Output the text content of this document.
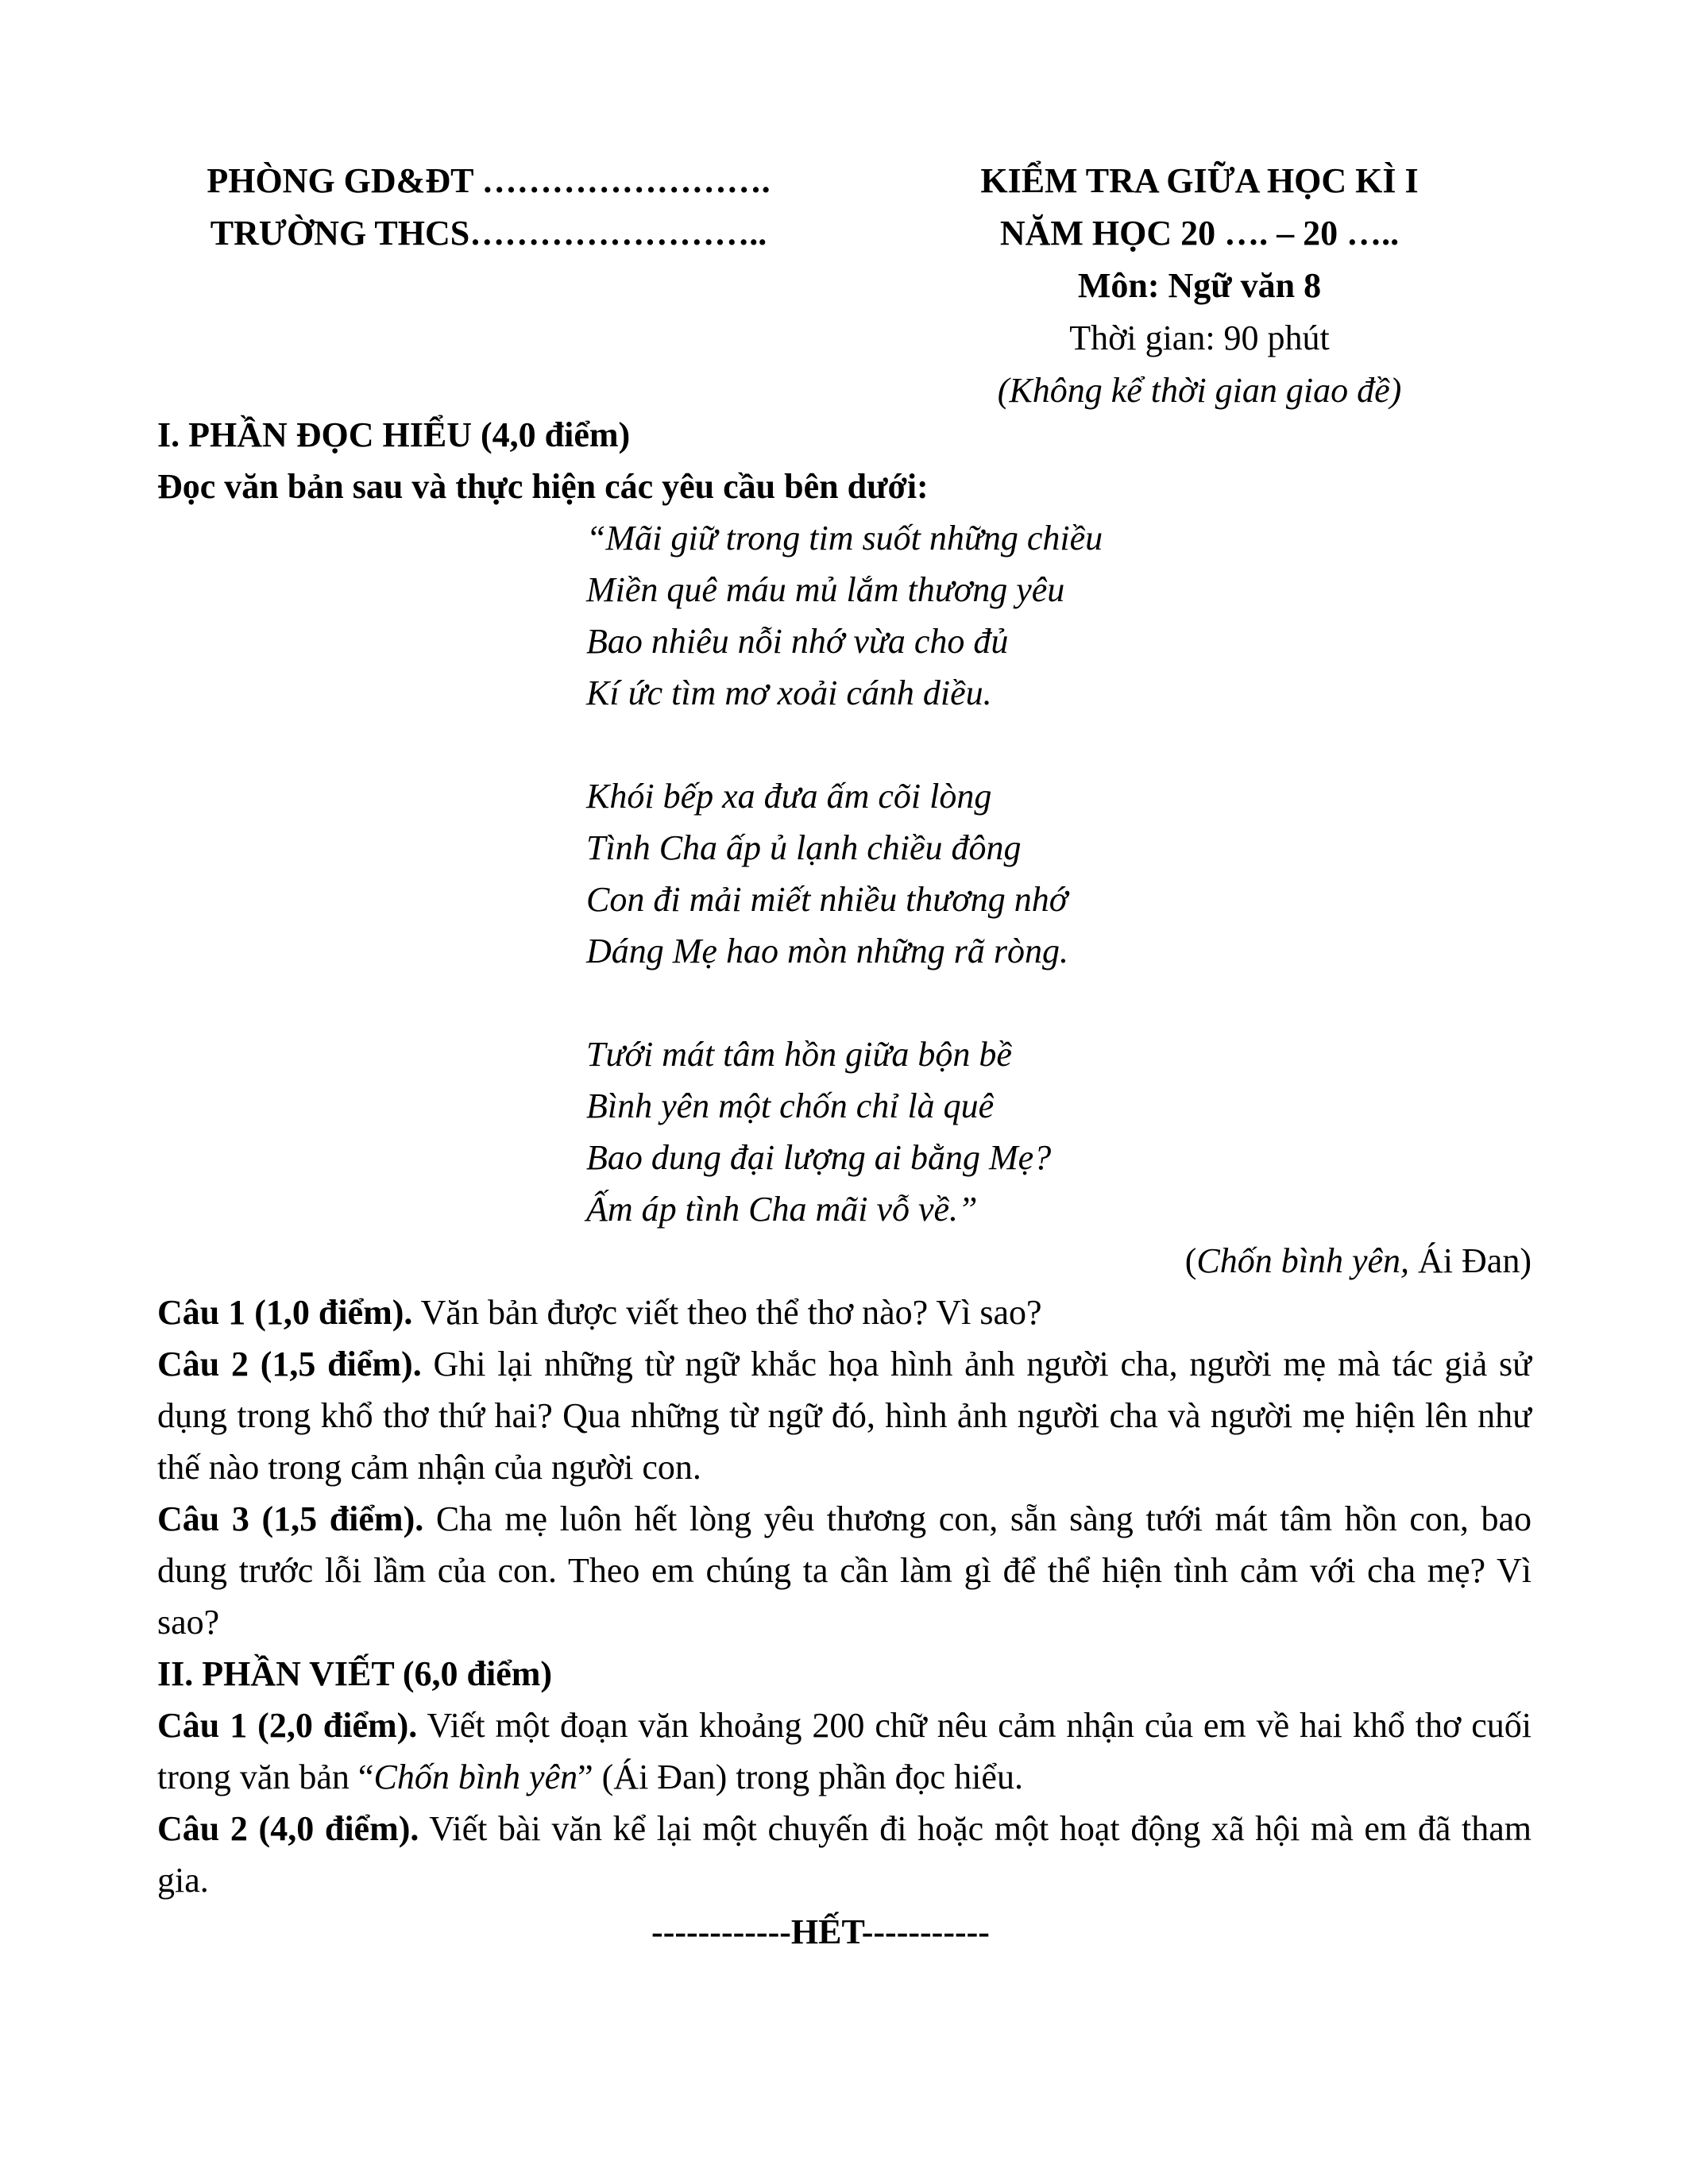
PHÒNG GD&ĐT …………………….
TRƯỜNG THCS……………………..
KIỂM TRA GIỮA HỌC KÌ I
NĂM HỌC 20 …. – 20 …..
Môn: Ngữ văn 8
Thời gian: 90 phút
(Không kể thời gian giao đề)
I. PHẦN ĐỌC HIỂU (4,0 điểm)
Đọc văn bản sau và thực hiện các yêu cầu bên dưới:
“Mãi giữ trong tim suốt những chiều
Miền quê máu mủ lắm thương yêu
Bao nhiêu nỗi nhớ vừa cho đủ
Kí ức tìm mơ xoải cánh diều.
Khói bếp xa đưa ấm cõi lòng
Tình Cha ấp ủ lạnh chiều đông
Con đi mải miết nhiều thương nhớ
Dáng Mẹ hao mòn những rã ròng.
Tưới mát tâm hồn giữa bộn bề
Bình yên một chốn chỉ là quê
Bao dung đại lượng ai bằng Mẹ?
Ấm áp tình Cha mãi vỗ về.”
(Chốn bình yên, Ái Đan)
Câu 1 (1,0 điểm). Văn bản được viết theo thể thơ nào? Vì sao?
Câu 2 (1,5 điểm). Ghi lại những từ ngữ khắc họa hình ảnh người cha, người mẹ mà tác giả sử dụng trong khổ thơ thứ hai? Qua những từ ngữ đó, hình ảnh người cha và người mẹ hiện lên như thế nào trong cảm nhận của người con.
Câu 3 (1,5 điểm). Cha mẹ luôn hết lòng yêu thương con, sẵn sàng tưới mát tâm hồn con, bao dung trước lỗi lầm của con. Theo em chúng ta cần làm gì để thể hiện tình cảm với cha mẹ? Vì sao?
II. PHẦN VIẾT (6,0 điểm)
Câu 1 (2,0 điểm). Viết một đoạn văn khoảng 200 chữ nêu cảm nhận của em về hai khổ thơ cuối trong văn bản “Chốn bình yên” (Ái Đan) trong phần đọc hiểu.
Câu 2 (4,0 điểm). Viết bài văn kể lại một chuyến đi hoặc một hoạt động xã hội mà em đã tham gia.
------------HẾT-----------
